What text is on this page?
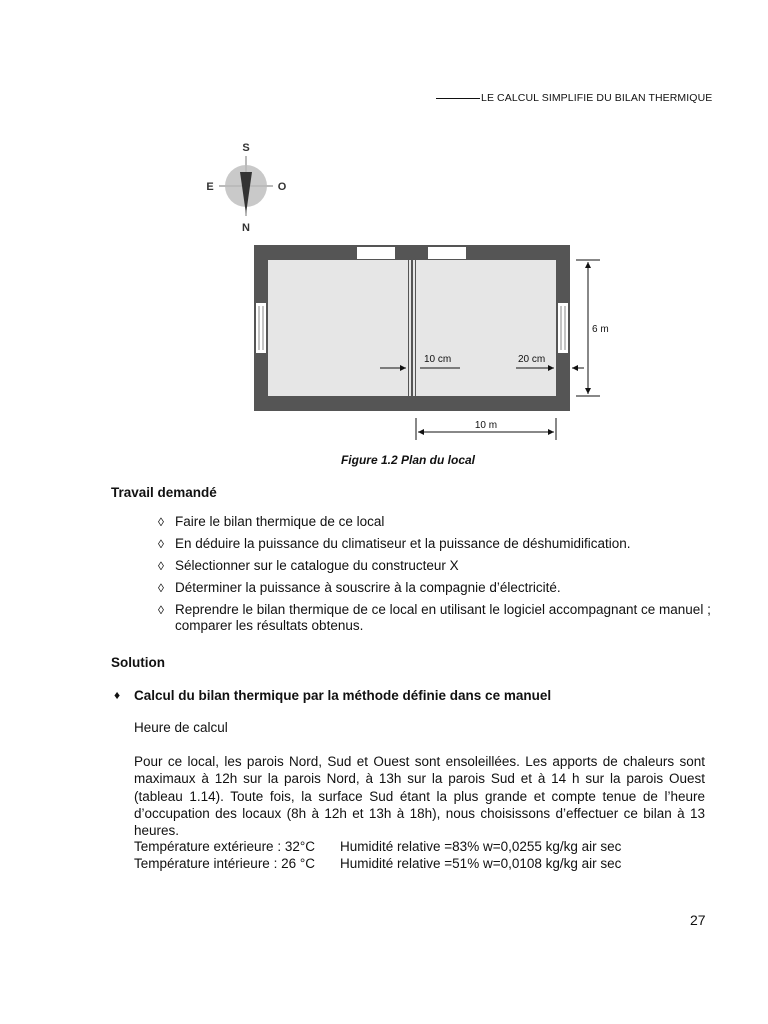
LE CALCUL SIMPLIFIE DU BILAN THERMIQUE
S
E	O
N
6 m
10 cm	20 cm
10 m
Figure 1.2 Plan du local
Travail demandé
◊ Faire le bilan thermique de ce local
◊ En déduire la puissance du climatiseur et la puissance de déshumidification.
◊ Sélectionner sur le catalogue du constructeur X
◊ Déterminer la puissance à souscrire à la compagnie d’électricité.
◊ Reprendre le bilan thermique de ce local en utilisant le logiciel accompagnant ce manuel ; comparer les résultats obtenus.
Solution
♦	Calcul du bilan thermique par la méthode définie dans ce manuel
Heure de calcul
Pour ce local, les parois Nord, Sud et Ouest sont ensoleillées. Les apports de chaleurs sont maximaux à 12h sur la parois Nord, à 13h sur la parois Sud et à 14 h sur la parois Ouest (tableau 1.14). Toute fois, la surface Sud étant la plus grande et compte tenue de l’heure d’occupation des locaux (8h à 12h et 13h à 18h), nous choisissons d’effectuer ce bilan à 13 heures.
Température extérieure : 32°C	Humidité relative =83% w=0,0255 kg/kg air sec
Température intérieure : 26 °C	Humidité relative =51% w=0,0108 kg/kg air sec
27
